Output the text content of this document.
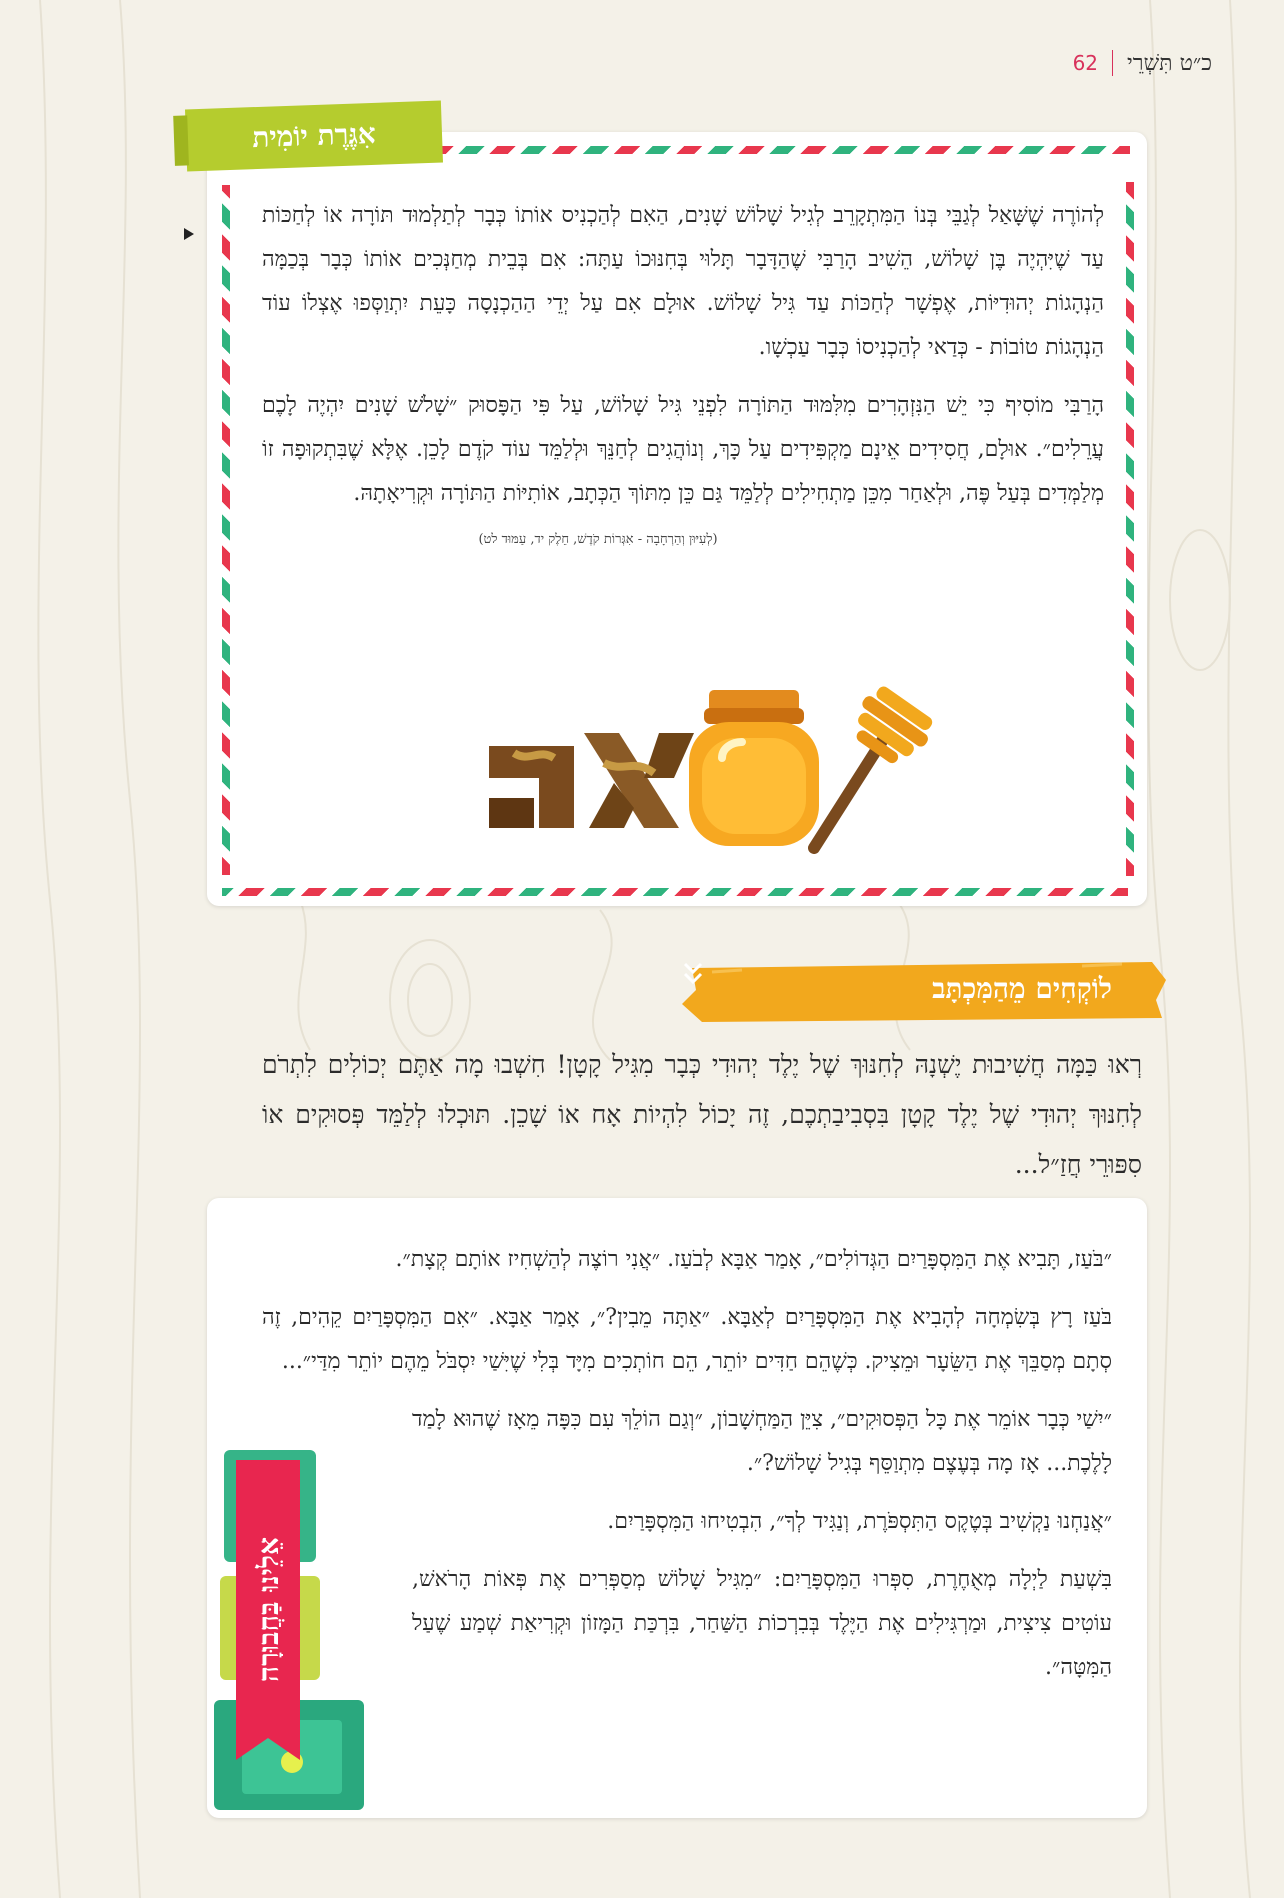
62 כ״ט תִּשְׁרֵי
אִגֶּרֶת יוֹמִית

לְהוֹרֶה שֶׁשָּׁאַל לְגַבֵּי בְּנוֹ הַמִּתְקָרֵב לְגִיל שָׁלוֹשׁ שָׁנִים, הַאִם לְהַכְנִיס אוֹתוֹ כְּבָר לְתַלְמוּד תּוֹרָה אוֹ לְחַכּוֹת עַד שֶׁיִּהְיֶה בֶּן שָׁלוֹשׁ, הֵשִׁיב הָרַבִּי שֶׁהַדָּבָר תָּלוּי בְּחִנּוּכוֹ עַתָּה: אִם בְּבֵית מְחַנְּכִים אוֹתוֹ כְּבָר בְּכַמָּה הַנְהָגוֹת יְהוּדִיּוֹת, אֶפְשָׁר לְחַכּוֹת עַד גִּיל שָׁלוֹשׁ. אוּלָם אִם עַל יְדֵי הַהַכְנָסָה כָּעֵת יִתְוַסְּפוּ אֶצְלוֹ עוֹד הַנְהָגוֹת טוֹבוֹת - כְּדַאי לְהַכְנִיסוֹ כְּבָר עַכְשָׁו.

הָרַבִּי מוֹסִיף כִּי יֵשׁ הַנִּזְהָרִים מִלִּמּוּד הַתּוֹרָה לִפְנֵי גִּיל שָׁלוֹשׁ, עַל פִּי הַפָּסוּק ״שָׁלֹשׁ שָׁנִים יִהְיֶה לָכֶם עֲרֵלִים״. אוּלָם, חֲסִידִים אֵינָם מַקְפִּידִים עַל כָּךְ, וְנוֹהֲגִים לְחַנֵּךְ וּלְלַמֵּד עוֹד קֹדֶם לָכֵן. אֶלָּא שֶׁבִּתְקוּפָה זוֹ מְלַמְּדִים בְּעַל פֶּה, וּלְאַחַר מִכֵּן מַתְחִילִים לְלַמֵּד גַּם כֵּן מִתּוֹךְ הַכְּתָב, אוֹתִיּוֹת הַתּוֹרָה וּקְרִיאָתָהּ.

(לְעִיּוּן וְהַרְחָבָה - אִגְּרוֹת קֹדֶשׁ, חֵלֶק יד, עַמּוּד לט)
לוֹקְחִים מֵהַמִּכְתָּב
רְאוּ כַּמָּה חֲשִׁיבוּת יֶשְׁנָהּ לְחִנּוּךְ שֶׁל יֶלֶד יְהוּדִי כְּבָר מִגִּיל קָטָן! חִשְׁבוּ מָה אַתֶּם יְכוֹלִים לִתְרֹם לְחִנּוּךְ יְהוּדִי שֶׁל יֶלֶד קָטָן בִּסְבִיבַתְכֶם, זֶה יָכוֹל לִהְיוֹת אָח אוֹ שָׁכֵן. תּוּכְלוּ לְלַמֵּד פְּסוּקִים אוֹ סִפּוּרֵי חֲזַ״ל...
אֵלֵינוּ בַּחֲבוּרָה

״בֹּעַז, תָּבִיא אֶת הַמִּסְפָּרַיִם הַגְּדוֹלִים״, אָמַר אַבָּא לְבֹעַז. ״אֲנִי רוֹצֶה לְהַשְׁחִיז אוֹתָם קְצָת״.

בֹּעַז רָץ בְּשִׂמְחָה לְהָבִיא אֶת הַמִּסְפָּרַיִם לְאַבָּא. ״אַתָּה מֵבִין?״, אָמַר אַבָּא. ״אִם הַמִּסְפָּרַיִם קֵהִים, זֶה סְתָם מְסַבֵּךְ אֶת הַשֵּׂעָר וּמֵצִיק. כְּשֶׁהֵם חַדִּים יוֹתֵר, הֵם חוֹתְכִים מִיָּד בְּלִי שֶׁיִּשַׁי יִסְבֹּל מֵהֶם יוֹתֵר מִדַּי״...

״יִשַׁי כְּבָר אוֹמֵר אֶת כָּל הַפְּסוּקִים״, צִיֵּן הַמַּחְשָׁבוֹן, ״וְגַם הוֹלֵךְ עִם כִּפָּה מֵאָז שֶׁהוּא לָמַד לָלֶכֶת... אָז מָה בְּעֶצֶם מִתְוַסֵּף בְּגִיל שָׁלוֹשׁ?״.

״אֲנַחְנוּ נַקְשִׁיב בְּטֶקֶס הַתִּסְפֹּרֶת, וְנַגִּיד לְךָ״, הִבְטִיחוּ הַמִּסְפָּרַיִם.

בִּשְׁעַת לַיְלָה מְאֻחֶרֶת, סִפְּרוּ הַמִּסְפָּרַיִם: ״מִגִּיל שָׁלוֹשׁ מְסַפְּרִים אֶת פְּאוֹת הָרֹאשׁ, עוֹטִים צִיצִית, וּמַרְגִּילִים אֶת הַיֶּלֶד בְּבִרְכוֹת הַשַּׁחַר, בִּרְכַּת הַמָּזוֹן וּקְרִיאַת שְׁמַע שֶׁעַל הַמִּטָּה״.
